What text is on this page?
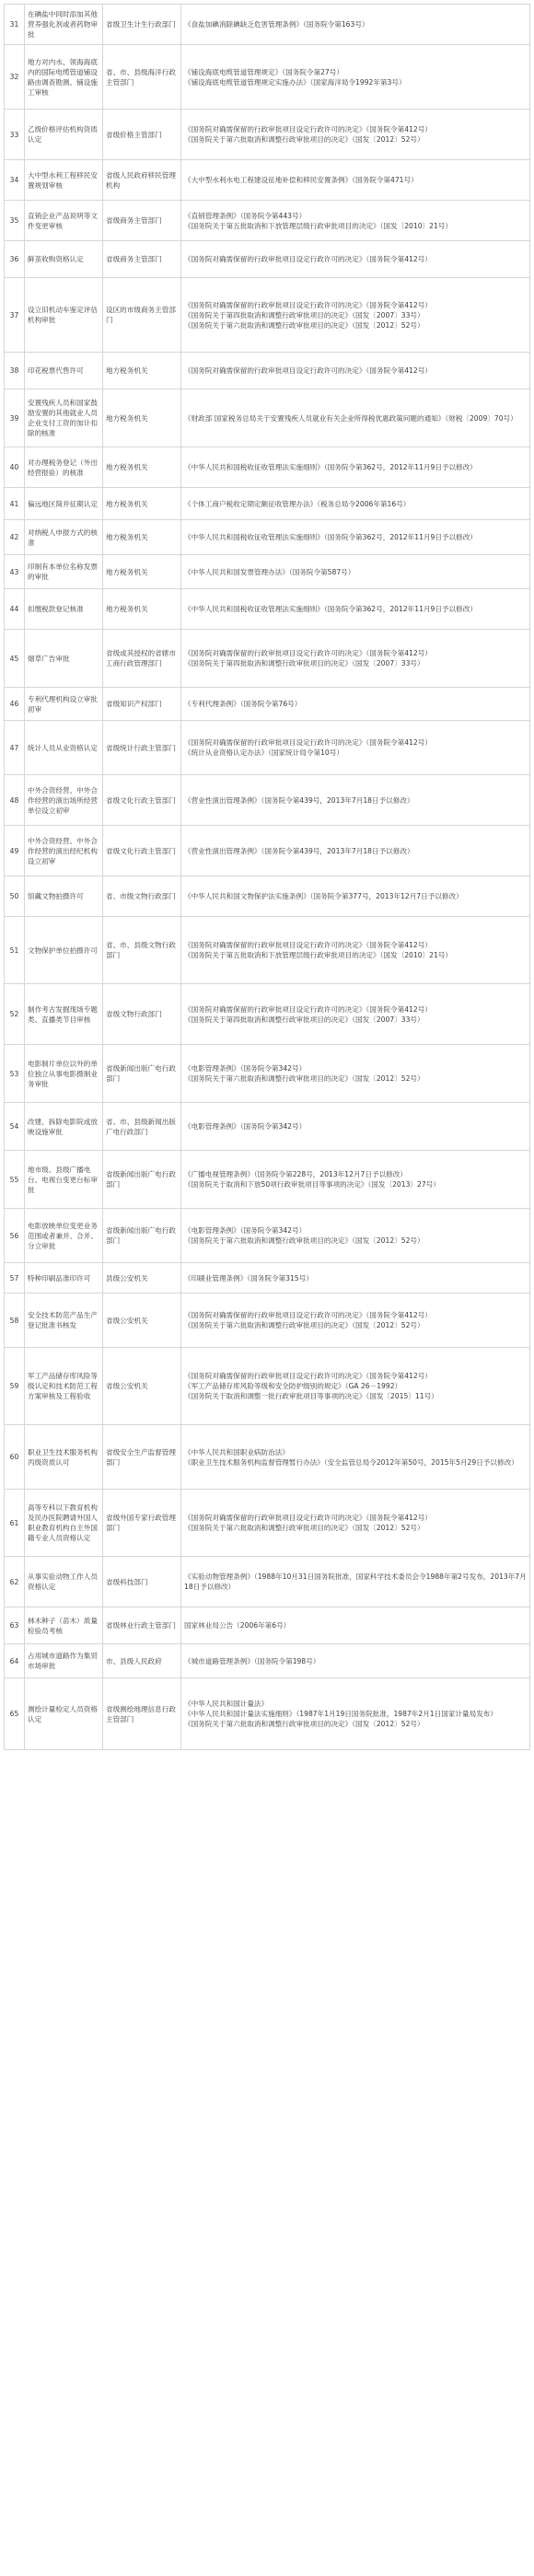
31	在碘盐中同时添加其他营养强化剂或者药物审批	省级卫生计生行政部门	《食盐加碘消除碘缺乏危害管理条例》（国务院令第163号）

32	地方对内水、领海海底内的国际电缆管道铺设路由调查勘测、铺设施工审核	省、市、县级海洋行政主管部门	《铺设海底电缆管道管理规定》（国务院令第27号）
《铺设海底电缆管道管理规定实施办法》（国家海洋局令1992年第3号）

33	乙级价格评估机构资质认定	省级价格主管部门	《国务院对确需保留的行政审批项目设定行政许可的决定》（国务院令第412号）
《国务院关于第六批取消和调整行政审批项目的决定》（国发〔2012〕52号）

34	大中型水利工程移民安置规划审核	省级人民政府移民管理机构	《大中型水利水电工程建设征地补偿和移民安置条例》（国务院令第471号）

35	直销企业产品说明等文件变更审核	省级商务主管部门	《直销管理条例》（国务院令第443号）
《国务院关于第五批取消和下放管理层级行政审批项目的决定》（国发〔2010〕21号）

36	鲜茧收购资格认定	省级商务主管部门	《国务院对确需保留的行政审批项目设定行政许可的决定》（国务院令第412号）

37	设立旧机动车鉴定评估机构审批	设区的市级商务主管部门	《国务院对确需保留的行政审批项目设定行政许可的决定》（国务院令第412号）
《国务院关于第四批取消和调整行政审批项目的决定》（国发〔2007〕33号）
《国务院关于第六批取消和调整行政审批项目的决定》（国发〔2012〕52号）

38	印花税票代售许可	地方税务机关	《国务院对确需保留的行政审批项目设定行政许可的决定》（国务院令第412号）

39	安置残疾人员和国家鼓励安置的其他就业人员企业支付工资的加计扣除的核准	地方税务机关	《财政部 国家税务总局关于安置残疾人员就业有关企业所得税优惠政策问题的通知》（财税〔2009〕70号）

40	对办理税务登记（外出经营报验）的核准	地方税务机关	《中华人民共和国税收征收管理法实施细则》（国务院令第362号，2012年11月9日予以修改）

41	偏远地区简并征期认定	地方税务机关	《个体工商户税收定期定额征收管理办法》（税务总局令2006年第16号）

42	对纳税人申报方式的核准	地方税务机关	《中华人民共和国税收征收管理法实施细则》（国务院令第362号，2012年11月9日予以修改）

43	印制有本单位名称发票的审批	地方税务机关	《中华人民共和国发票管理办法》（国务院令第587号）

44	扣缴税款登记核准	地方税务机关	《中华人民共和国税收征收管理法实施细则》（国务院令第362号，2012年11月9日予以修改）

45	烟草广告审批	省级或其授权的省辖市工商行政管理部门	《国务院对确需保留的行政审批项目设定行政许可的决定》（国务院令第412号）
《国务院关于第四批取消和调整行政审批项目的决定》（国发〔2007〕33号）

46	专利代理机构设立审批初审	省级知识产权部门	《专利代理条例》（国务院令第76号）

47	统计人员从业资格认定	省级统计行政主管部门	《国务院对确需保留的行政审批项目设定行政许可的决定》（国务院令第412号）
《统计从业资格认定办法》（国家统计局令第10号）

48	中外合资经营、中外合作经营的演出场所经营单位设立初审	省级文化行政主管部门	《营业性演出管理条例》（国务院令第439号，2013年7月18日予以修改）

49	中外合资经营、中外合作经营的演出经纪机构设立初审	省级文化行政主管部门	《营业性演出管理条例》（国务院令第439号，2013年7月18日予以修改）

50	馆藏文物拍摄许可	省、市级文物行政部门	《中华人民共和国文物保护法实施条例》（国务院令第377号，2013年12月7日予以修改）

51	文物保护单位拍摄许可	省、市、县级文物行政部门	《国务院对确需保留的行政审批项目设定行政许可的决定》（国务院令第412号）
《国务院关于第五批取消和下放管理层级行政审批项目的决定》（国发〔2010〕21号）

52	制作考古发掘现场专题类、直播类节目审核	省级文物行政部门	《国务院对确需保留的行政审批项目设定行政许可的决定》（国务院令第412号）
《国务院关于第四批取消和调整行政审批项目的决定》（国发〔2007〕33号）

53	电影制片单位以外的单位独立从事电影摄制业务审批	省级新闻出版广电行政部门	《电影管理条例》（国务院令第342号）
《国务院关于第六批取消和调整行政审批项目的决定》（国发〔2012〕52号）

54	改建、拆除电影院或放映设施审批	省、市、县级新闻出版广电行政部门	《电影管理条例》（国务院令第342号）

55	地市级、县级广播电台、电视台变更台标审批	省级新闻出版广电行政部门	《广播电视管理条例》（国务院令第228号，2013年12月7日予以修改）
《国务院关于取消和下放50项行政审批项目等事项的决定》（国发〔2013〕27号）

56	电影放映单位变更业务范围或者兼并、合并、分立审批	省级新闻出版广电行政部门	《电影管理条例》（国务院令第342号）
《国务院关于第六批取消和调整行政审批项目的决定》（国发〔2012〕52号）

57	特种印刷品准印许可	县级公安机关	《印刷业管理条例》（国务院令第315号）

58	安全技术防范产品生产登记批准书核发	省级公安机关	《国务院对确需保留的行政审批项目设定行政许可的决定》（国务院令第412号）
《国务院关于第六批取消和调整行政审批项目的决定》（国发〔2012〕52号）

59	军工产品储存库风险等级认定和技术防范工程方案审核及工程验收	省级公安机关	《国务院对确需保留的行政审批项目设定行政许可的决定》（国务院令第412号）
《军工产品储存库风险等级和安全防护级别的规定》（GA 26－1992）
《国务院关于取消和调整一批行政审批项目等事项的决定》（国发〔2015〕11号）

60	职业卫生技术服务机构丙级资质认可	省级安全生产监督管理部门	《中华人民共和国职业病防治法》
《职业卫生技术服务机构监督管理暂行办法》（安全监管总局令2012年第50号，2015年5月29日予以修改）

61	高等专科以下教育机构及民办医院聘请外国人职业教育机构自主外国籍专业人员资格认定	省级外国专家行政管理部门	《国务院对确需保留的行政审批项目设定行政许可的决定》（国务院令第412号）
《国务院关于第六批取消和调整行政审批项目的决定》（国发〔2012〕52号）

62	从事实验动物工作人员资格认定	省级科技部门	《实验动物管理条例》（1988年10月31日国务院批准，国家科学技术委员会令1988年第2号发布，2013年7月18日予以修改）

63	林木种子（苗木）质量检验员考核	省级林业行政主管部门	国家林业局公告（2006年第6号）

64	占用城市道路作为集贸市场审批	市、县级人民政府	《城市道路管理条例》（国务院令第198号）

65	测绘计量检定人员资格认定	省级测绘地理信息行政主管部门	《中华人民共和国计量法》
《中华人民共和国计量法实施细则》（1987年1月19日国务院批准，1987年2月1日国家计量局发布）
《国务院关于第六批取消和调整行政审批项目的决定》（国发〔2012〕52号）
